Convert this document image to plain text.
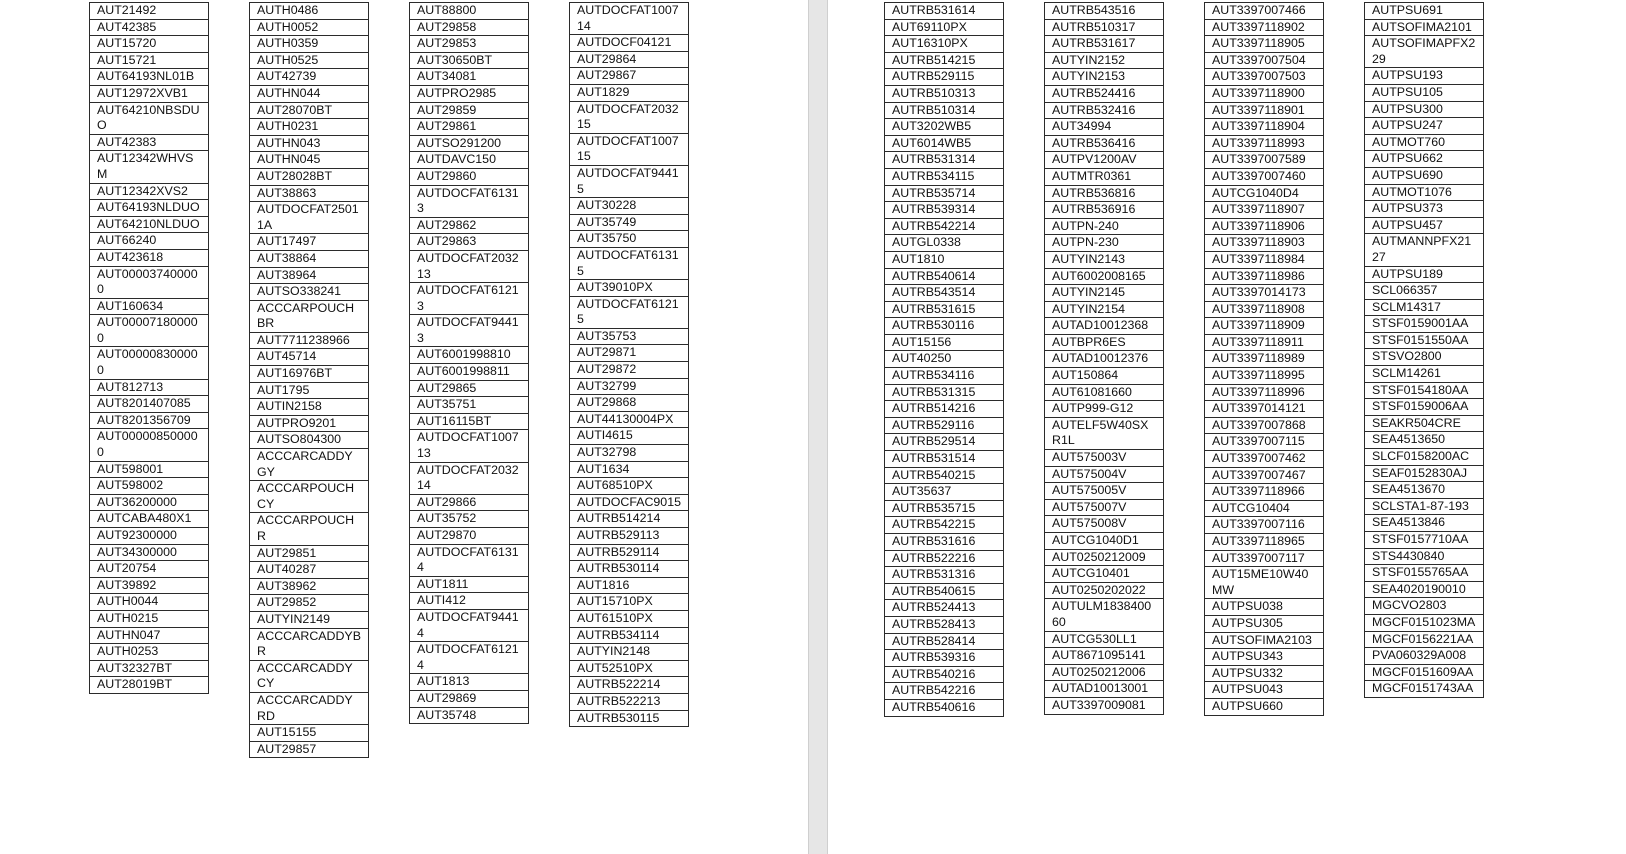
AUT21492
AUT42385
AUT15720
AUT15721
AUT64193NL01B
AUT12972XVB1
AUT64210NBSDUO
AUT42383
AUT12342WHVSM
AUT12342XVS2
AUT64193NLDUO
AUT64210NLDUO
AUT66240
AUT423618
AUT000037400000
AUT160634
AUT000071800000
AUT000008300000
AUT812713
AUT8201407085
AUT8201356709
AUT000008500000
AUT598001
AUT598002
AUT36200000
AUTCABA480X1
AUT92300000
AUT34300000
AUT20754
AUT39892
AUTH0044
AUTH0215
AUTHN047
AUTH0253
AUT32327BT
AUT28019BT
AUTH0486
AUTH0052
AUTH0359
AUTH0525
AUT42739
AUTHN044
AUT28070BT
AUTH0231
AUTHN043
AUTHN045
AUT28028BT
AUT38863
AUTDOCFAT25011A
AUT17497
AUT38864
AUT38964
AUTSO338241
ACCCARPOUCHBR
AUT7711238966
AUT45714
AUT16976BT
AUT1795
AUTIN2158
AUTPRO9201
AUTSO804300
ACCCARCADDYGY
ACCCARPOUCHCY
ACCCARPOUCHR
AUT29851
AUT40287
AUT38962
AUT29852
AUTYIN2149
ACCCARCADDYBR
ACCCARCADDYCY
ACCCARCADDYRD
AUT15155
AUT29857
AUT88800
AUT29858
AUT29853
AUT30650BT
AUT34081
AUTPRO2985
AUT29859
AUT29861
AUTSO291200
AUTDAVC150
AUT29860
AUTDOCFAT61313
AUT29862
AUT29863
AUTDOCFAT203213
AUTDOCFAT61213
AUTDOCFAT94413
AUT6001998810
AUT6001998811
AUT29865
AUT35751
AUT16115BT
AUTDOCFAT100713
AUTDOCFAT203214
AUT29866
AUT35752
AUT29870
AUTDOCFAT61314
AUT1811
AUTI412
AUTDOCFAT94414
AUTDOCFAT61214
AUT1813
AUT29869
AUT35748
AUTDOCFAT100714
AUTDOCF04121
AUT29864
AUT29867
AUT1829
AUTDOCFAT203215
AUTDOCFAT100715
AUTDOCFAT94415
AUT30228
AUT35749
AUT35750
AUTDOCFAT61315
AUT39010PX
AUTDOCFAT61215
AUT35753
AUT29871
AUT29872
AUT32799
AUT29868
AUT44130004PX
AUTI4615
AUT32798
AUT1634
AUT68510PX
AUTDOCFAC9015
AUTRB514214
AUTRB529113
AUTRB529114
AUTRB530114
AUT1816
AUT15710PX
AUT61510PX
AUTRB534114
AUTYIN2148
AUT52510PX
AUTRB522214
AUTRB522213
AUTRB530115
AUTRB531614
AUT69110PX
AUT16310PX
AUTRB514215
AUTRB529115
AUTRB510313
AUTRB510314
AUT3202WB5
AUT6014WB5
AUTRB531314
AUTRB534115
AUTRB535714
AUTRB539314
AUTRB542214
AUTGL0338
AUT1810
AUTRB540614
AUTRB543514
AUTRB531615
AUTRB530116
AUT15156
AUT40250
AUTRB534116
AUTRB531315
AUTRB514216
AUTRB529116
AUTRB529514
AUTRB531514
AUTRB540215
AUT35637
AUTRB535715
AUTRB542215
AUTRB531616
AUTRB522216
AUTRB531316
AUTRB540615
AUTRB524413
AUTRB528413
AUTRB528414
AUTRB539316
AUTRB540216
AUTRB542216
AUTRB540616
AUTRB543516
AUTRB510317
AUTRB531617
AUTYIN2152
AUTYIN2153
AUTRB524416
AUTRB532416
AUT34994
AUTRB536416
AUTPV1200AV
AUTMTR0361
AUTRB536816
AUTRB536916
AUTPN-240
AUTPN-230
AUTYIN2143
AUT6002008165
AUTYIN2145
AUTYIN2154
AUTAD10012368
AUTBPR6ES
AUTAD10012376
AUT150864
AUT61081660
AUTP999-G12
AUTELF5W40SXR1L
AUT575003V
AUT575004V
AUT575005V
AUT575007V
AUT575008V
AUTCG1040D1
AUT0250212009
AUTCG10401
AUT0250202022
AUTULM183840060
AUTCG530LL1
AUT8671095141
AUT0250212006
AUTAD10013001
AUT3397009081
AUT3397007466
AUT3397118902
AUT3397118905
AUT3397007504
AUT3397007503
AUT3397118900
AUT3397118901
AUT3397118904
AUT3397118993
AUT3397007589
AUT3397007460
AUTCG1040D4
AUT3397118907
AUT3397118906
AUT3397118903
AUT3397118984
AUT3397118986
AUT3397014173
AUT3397118908
AUT3397118909
AUT3397118911
AUT3397118989
AUT3397118995
AUT3397118996
AUT3397014121
AUT3397007868
AUT3397007115
AUT3397007462
AUT3397007467
AUT3397118966
AUTCG10404
AUT3397007116
AUT3397118965
AUT3397007117
AUT15ME10W40MW
AUTPSU038
AUTPSU305
AUTSOFIMA2103
AUTPSU343
AUTPSU332
AUTPSU043
AUTPSU660
AUTPSU691
AUTSOFIMA2101
AUTSOFIMAPFX229
AUTPSU193
AUTPSU105
AUTPSU300
AUTPSU247
AUTMOT760
AUTPSU662
AUTPSU690
AUTMOT1076
AUTPSU373
AUTPSU457
AUTMANNPFX2127
AUTPSU189
SCL066357
SCLM14317
STSF0159001AA
STSF0151550AA
STSVO2800
SCLM14261
STSF0154180AA
STSF0159006AA
SEAKR504CRE
SEA4513650
SLCF0158200AC
SEAF0152830AJ
SEA4513670
SCLSTA1-87-193
SEA4513846
STSF0157710AA
STS4430840
STSF0155765AA
SEA4020190010
MGCVO2803
MGCF0151023MA
MGCF0156221AA
PVA060329A008
MGCF0151609AA
MGCF0151743AA
